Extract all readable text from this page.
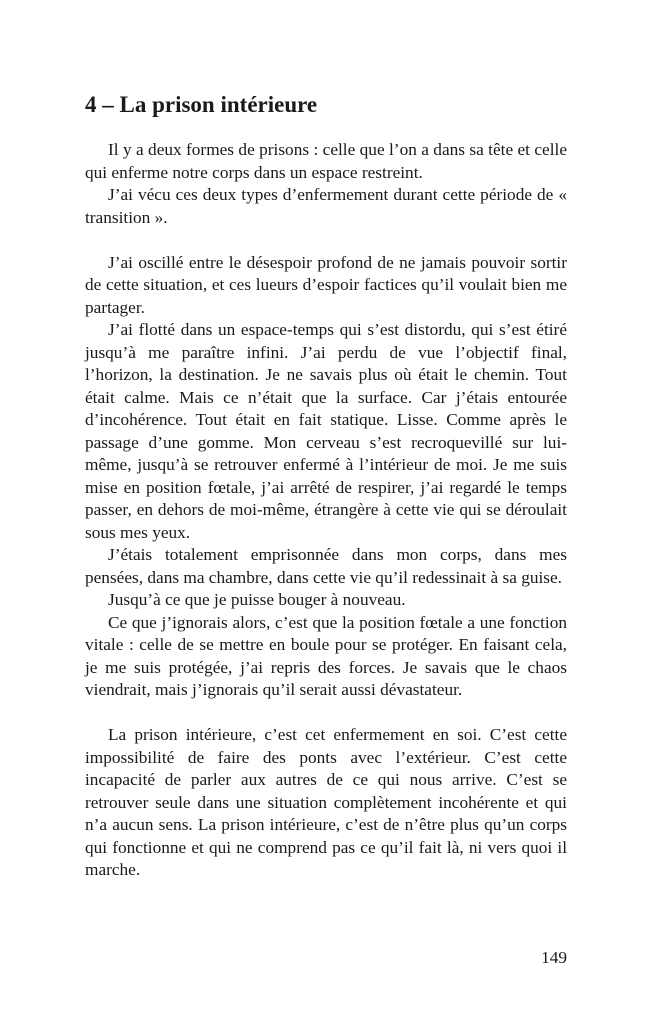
4 – La prison intérieure

Il y a deux formes de prisons : celle que l’on a dans sa tête et celle qui enferme notre corps dans un espace restreint.

J’ai vécu ces deux types d’enfermement durant cette période de « transition ».

J’ai oscillé entre le désespoir profond de ne jamais pouvoir sortir de cette situation, et ces lueurs d’espoir factices qu’il voulait bien me partager.

J’ai flotté dans un espace-temps qui s’est distordu, qui s’est étiré jusqu’à me paraître infini. J’ai perdu de vue l’objectif final, l’horizon, la destination. Je ne savais plus où était le chemin. Tout était calme. Mais ce n’était que la surface. Car j’étais entourée d’incohérence. Tout était en fait statique. Lisse. Comme après le passage d’une gomme. Mon cerveau s’est recroquevillé sur lui-même, jusqu’à se retrouver enfermé à l’intérieur de moi. Je me suis mise en position fœtale, j’ai arrêté de respirer, j’ai regardé le temps passer, en dehors de moi-même, étrangère à cette vie qui se déroulait sous mes yeux.

J’étais totalement emprisonnée dans mon corps, dans mes pensées, dans ma chambre, dans cette vie qu’il redessinait à sa guise.

Jusqu’à ce que je puisse bouger à nouveau.

Ce que j’ignorais alors, c’est que la position fœtale a une fonction vitale : celle de se mettre en boule pour se protéger. En faisant cela, je me suis protégée, j’ai repris des forces. Je savais que le chaos viendrait, mais j’ignorais qu’il serait aussi dévastateur.

La prison intérieure, c’est cet enfermement en soi. C’est cette impossibilité de faire des ponts avec l’extérieur. C’est cette incapacité de parler aux autres de ce qui nous arrive. C’est se retrouver seule dans une situation complètement incohérente et qui n’a aucun sens. La prison intérieure, c’est de n’être plus qu’un corps qui fonctionne et qui ne comprend pas ce qu’il fait là, ni vers quoi il marche.

149
